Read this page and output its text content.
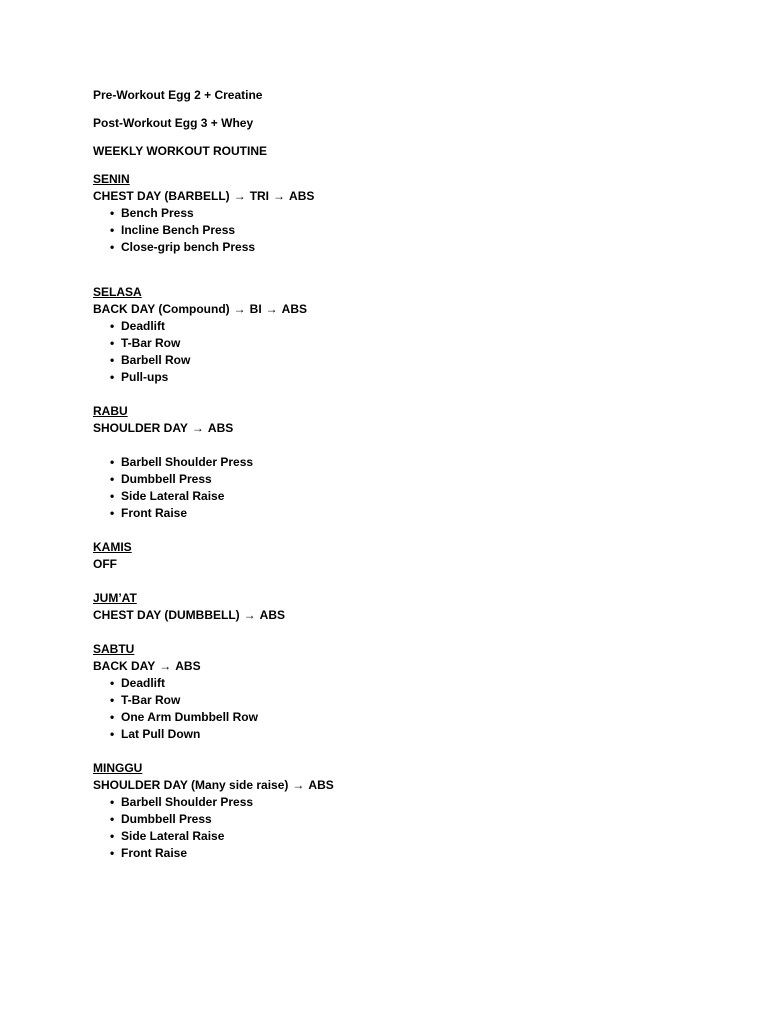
Pre-Workout Egg 2 + Creatine
Post-Workout Egg 3 + Whey
WEEKLY WORKOUT ROUTINE
SENIN
CHEST DAY (BARBELL) → TRI → ABS
• Bench Press
• Incline Bench Press
• Close-grip bench Press
SELASA
BACK DAY (Compound) → BI → ABS
• Deadlift
• T-Bar Row
• Barbell Row
• Pull-ups
RABU
SHOULDER DAY → ABS
• Barbell Shoulder Press
• Dumbbell Press
• Side Lateral Raise
• Front Raise
KAMIS
OFF
JUM’AT
CHEST DAY (DUMBBELL) → ABS
SABTU
BACK DAY → ABS
• Deadlift
• T-Bar Row
• One Arm Dumbbell Row
• Lat Pull Down
MINGGU
SHOULDER DAY (Many side raise) → ABS
• Barbell Shoulder Press
• Dumbbell Press
• Side Lateral Raise
• Front Raise
